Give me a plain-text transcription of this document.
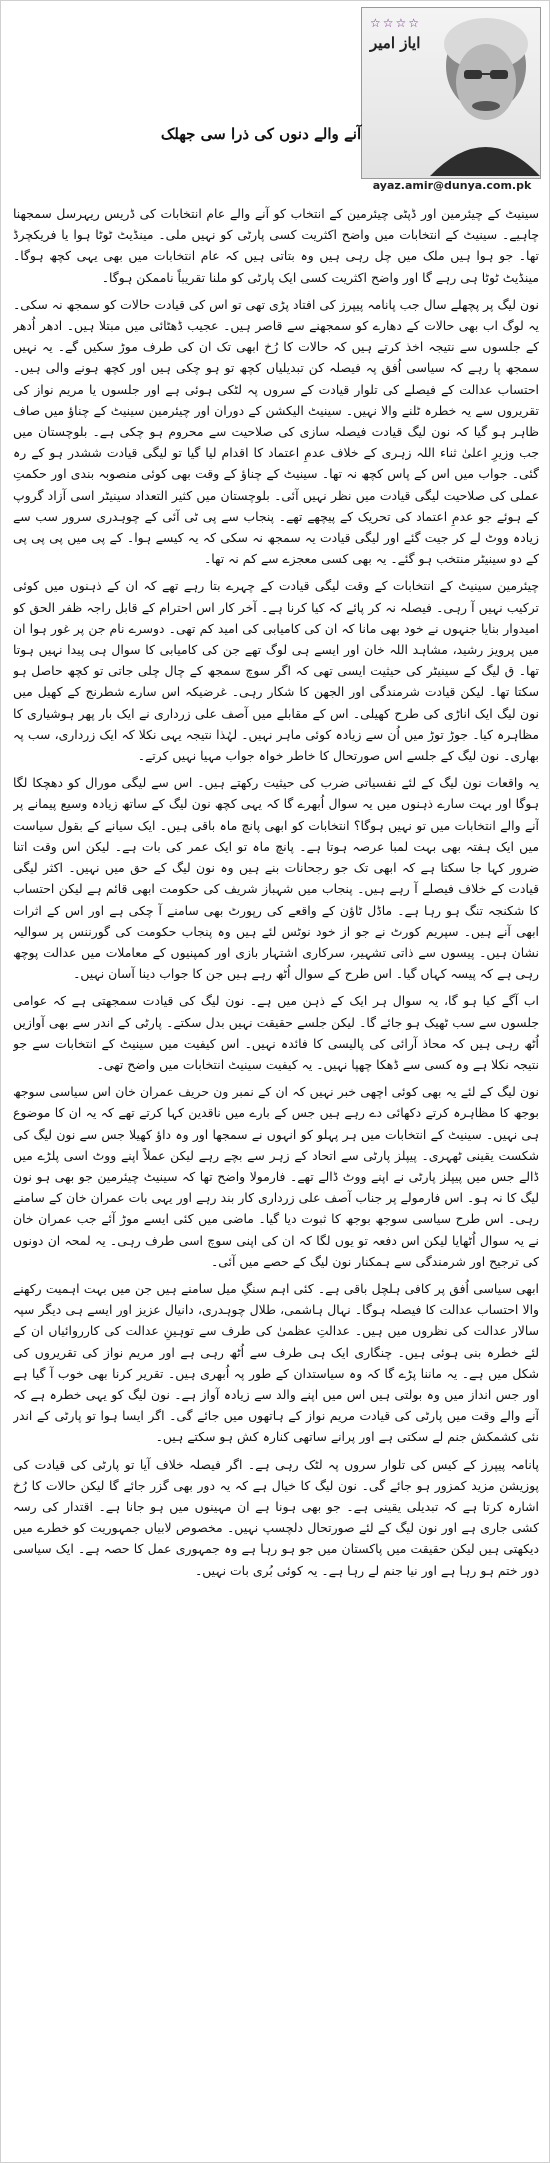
☆☆☆☆
ایاز امیر
آنے والے دنوں کی ذرا سی جھلک
ayaz.amir@dunya.com.pk

سینیٹ کے چیئرمین اور ڈپٹی چیئرمین کے انتخاب کو آنے والے عام انتخابات کی ڈریس ریہرسل سمجھنا چاہیے۔ سینیٹ کے انتخابات میں واضح اکثریت کسی پارٹی کو نہیں ملی۔ مینڈیٹ ٹوٹا ہوا یا فریکچرڈ تھا۔ جو ہوا ہیں ملک میں چل رہی ہیں وہ بتاتی ہیں کہ عام انتخابات میں بھی یہی کچھ ہوگا۔ مینڈیٹ ٹوٹا ہی رہے گا اور واضح اکثریت کسی ایک پارٹی کو ملنا تقریباً ناممکن ہوگا۔

نون لیگ پر پچھلے سال جب پانامہ پیپرز کی افتاد پڑی تھی تو اس کی قیادت حالات کو سمجھ نہ سکی۔ یہ لوگ اب بھی حالات کے دھارے کو سمجھنے سے قاصر ہیں۔ عجیب ڈھٹائی میں مبتلا ہیں۔ ادھر اُدھر کے جلسوں سے نتیجہ اخذ کرتے ہیں کہ حالات کا رُخ ابھی تک ان کی طرف موڑ سکیں گے۔ یہ نہیں سمجھ پا رہے کہ سیاسی اُفق پہ فیصلہ کن تبدیلیاں کچھ تو ہو چکی ہیں اور کچھ ہونے والی ہیں۔ احتساب عدالت کے فیصلے کی تلوار قیادت کے سروں پہ لٹکی ہوئی ہے اور جلسوں یا مریم نواز کی تقریروں سے یہ خطرہ ٹلنے والا نہیں۔ سینیٹ الیکشن کے دوران اور چیئرمین سینیٹ کے چناؤ میں صاف ظاہر ہو گیا کہ نون لیگ قیادت فیصلہ سازی کی صلاحیت سے محروم ہو چکی ہے۔ بلوچستان میں جب وزیرِ اعلیٰ ثناء اللہ زہری کے خلاف عدمِ اعتماد کا اقدام لیا گیا تو لیگی قیادت ششدر ہو کے رہ گئی۔ جواب میں اس کے پاس کچھ نہ تھا۔ سینیٹ کے چناؤ کے وقت بھی کوئی منصوبہ بندی اور حکمتِ عملی کی صلاحیت لیگی قیادت میں نظر نہیں آئی۔ بلوچستان میں کثیر التعداد سینیٹر اسی آزاد گروپ کے ہوئے جو عدمِ اعتماد کی تحریک کے پیچھے تھے۔ پنجاب سے پی ٹی آئی کے چوہدری سرور سب سے زیادہ ووٹ لے کر جیت گئے اور لیگی قیادت یہ سمجھ نہ سکی کہ یہ کیسے ہوا۔ کے پی میں پی پی پی کے دو سینیٹر منتخب ہو گئے۔ یہ بھی کسی معجزے سے کم نہ تھا۔

چیئرمین سینیٹ کے انتخابات کے وقت لیگی قیادت کے چہرے بتا رہے تھے کہ ان کے ذہنوں میں کوئی ترکیب نہیں آ رہی۔ فیصلہ نہ کر پائے کہ کیا کرنا ہے۔ آخر کار اس احترام کے قابل راجہ ظفر الحق کو امیدوار بنایا جنہوں نے خود بھی مانا کہ ان کی کامیابی کی امید کم تھی۔ دوسرے نام جن پر غور ہوا ان میں پرویز رشید، مشاہد اللہ خان اور ایسے ہی لوگ تھے جن کی کامیابی کا سوال ہی پیدا نہیں ہوتا تھا۔ ق لیگ کے سینیٹر کی حیثیت ایسی تھی کہ اگر سوچ سمجھ کے چال چلی جاتی تو کچھ حاصل ہو سکتا تھا۔ لیکن قیادت شرمندگی اور الجھن کا شکار رہی۔ غرضیکہ اس سارے شطرنج کے کھیل میں نون لیگ ایک اناڑی کی طرح کھیلی۔ اس کے مقابلے میں آصف علی زرداری نے ایک بار پھر ہوشیاری کا مظاہرہ کیا۔ جوڑ توڑ میں اُن سے زیادہ کوئی ماہر نہیں۔ لہٰذا نتیجہ یہی نکلا کہ ایک زرداری، سب پہ بھاری۔ نون لیگ کے جلسے اس صورتحال کا خاطر خواہ جواب مہیا نہیں کرتے۔

یہ واقعات نون لیگ کے لئے نفسیاتی ضرب کی حیثیت رکھتے ہیں۔ اس سے لیگی مورال کو دھچکا لگا ہوگا اور بہت سارے ذہنوں میں یہ سوال اُبھرے گا کہ یہی کچھ نون لیگ کے ساتھ زیادہ وسیع پیمانے پر آنے والے انتخابات میں تو نہیں ہوگا؟ انتخابات کو ابھی پانچ ماہ باقی ہیں۔ ایک سیانے کے بقول سیاست میں ایک ہفتہ بھی بہت لمبا عرصہ ہوتا ہے۔ پانچ ماہ تو ایک عمر کی بات ہے۔ لیکن اس وقت اتنا ضرور کہا جا سکتا ہے کہ ابھی تک جو رجحانات بنے ہیں وہ نون لیگ کے حق میں نہیں۔ اکثر لیگی قیادت کے خلاف فیصلے آ رہے ہیں۔ پنجاب میں شہباز شریف کی حکومت ابھی قائم ہے لیکن احتساب کا شکنجہ تنگ ہو رہا ہے۔ ماڈل ٹاؤن کے واقعے کی رپورٹ بھی سامنے آ چکی ہے اور اس کے اثرات ابھی آنے ہیں۔ سپریم کورٹ نے جو از خود نوٹس لئے ہیں وہ پنجاب حکومت کی گورننس پر سوالیہ نشان ہیں۔ پیسوں سے ذاتی تشہیر، سرکاری اشتہار بازی اور کمپنیوں کے معاملات میں عدالت پوچھ رہی ہے کہ پیسہ کہاں گیا۔ اس طرح کے سوال اُٹھ رہے ہیں جن کا جواب دینا آسان نہیں۔

اب آگے کیا ہو گا، یہ سوال ہر ایک کے ذہن میں ہے۔ نون لیگ کی قیادت سمجھتی ہے کہ عوامی جلسوں سے سب ٹھیک ہو جائے گا۔ لیکن جلسے حقیقت نہیں بدل سکتے۔ پارٹی کے اندر سے بھی آوازیں اُٹھ رہی ہیں کہ محاذ آرائی کی پالیسی کا فائدہ نہیں۔ اس کیفیت میں سینیٹ کے انتخابات سے جو نتیجہ نکلا ہے وہ کسی سے ڈھکا چھپا نہیں۔ یہ کیفیت سینیٹ انتخابات میں واضح تھی۔

نون لیگ کے لئے یہ بھی کوئی اچھی خبر نہیں کہ ان کے نمبر ون حریف عمران خان اس سیاسی سوجھ بوجھ کا مظاہرہ کرتے دکھائی دے رہے ہیں جس کے بارے میں ناقدین کہا کرتے تھے کہ یہ ان کا موضوع ہی نہیں۔ سینیٹ کے انتخابات میں ہر پہلو کو انہوں نے سمجھا اور وہ داؤ کھیلا جس سے نون لیگ کی شکست یقینی ٹھہری۔ پیپلز پارٹی سے اتحاد کے زہر سے بچے رہے لیکن عملاً اپنے ووٹ اسی پلڑے میں ڈالے جس میں پیپلز پارٹی نے اپنے ووٹ ڈالے تھے۔ فارمولا واضح تھا کہ سینیٹ چیئرمین جو بھی ہو نون لیگ کا نہ ہو۔ اس فارمولے پر جناب آصف علی زرداری کار بند رہے اور یہی بات عمران خان کے سامنے رہی۔ اس طرح سیاسی سوجھ بوجھ کا ثبوت دیا گیا۔ ماضی میں کئی ایسے موڑ آئے جب عمران خان نے یہ سوال اُٹھایا لیکن اس دفعہ تو یوں لگا کہ ان کی اپنی سوچ اسی طرف رہی۔ یہ لمحہ ان دونوں کی ترجیح اور شرمندگی سے ہمکنار نون لیگ کے حصے میں آئی۔

ابھی سیاسی اُفق پر کافی ہلچل باقی ہے۔ کئی اہم سنگِ میل سامنے ہیں جن میں بہت اہمیت رکھنے والا احتساب عدالت کا فیصلہ ہوگا۔ نہال ہاشمی، طلال چوہدری، دانیال عزیز اور ایسے ہی دیگر سپہ سالار عدالت کی نظروں میں ہیں۔ عدالتِ عظمیٰ کی طرف سے توہینِ عدالت کی کارروائیاں ان کے لئے خطرہ بنی ہوئی ہیں۔ چنگاری ایک ہی طرف سے اُٹھ رہی ہے اور مریم نواز کی تقریروں کی شکل میں ہے۔ یہ ماننا پڑے گا کہ وہ سیاستدان کے طور پہ اُبھری ہیں۔ تقریر کرنا بھی خوب آ گیا ہے اور جس انداز میں وہ بولتی ہیں اس میں اپنے والد سے زیادہ آواز ہے۔ نون لیگ کو یہی خطرہ ہے کہ آنے والے وقت میں پارٹی کی قیادت مریم نواز کے ہاتھوں میں جائے گی۔ اگر ایسا ہوا تو پارٹی کے اندر نئی کشمکش جنم لے سکتی ہے اور پرانے ساتھی کنارہ کش ہو سکتے ہیں۔

پانامہ پیپرز کے کیس کی تلوار سروں پہ لٹک رہی ہے۔ اگر فیصلہ خلاف آیا تو پارٹی کی قیادت کی پوزیشن مزید کمزور ہو جائے گی۔ نون لیگ کا خیال ہے کہ یہ دور بھی گزر جائے گا لیکن حالات کا رُخ اشارہ کرتا ہے کہ تبدیلی یقینی ہے۔ جو بھی ہونا ہے ان مہینوں میں ہو جانا ہے۔ اقتدار کی رسہ کشی جاری ہے اور نون لیگ کے لئے صورتحال دلچسپ نہیں۔ مخصوص لابیاں جمہوریت کو خطرے میں دیکھتی ہیں لیکن حقیقت میں پاکستان میں جو ہو رہا ہے وہ جمہوری عمل کا حصہ ہے۔ ایک سیاسی دور ختم ہو رہا ہے اور نیا جنم لے رہا ہے۔ یہ کوئی بُری بات نہیں۔
